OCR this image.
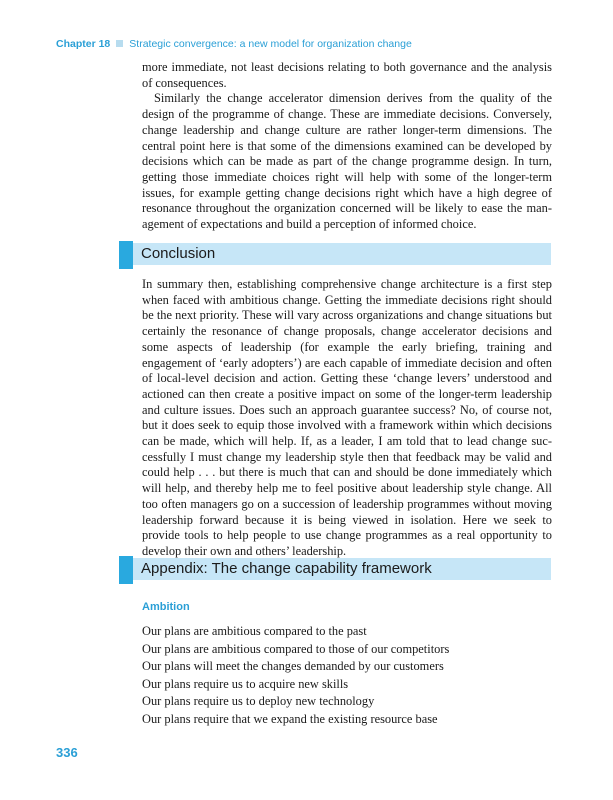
Chapter 18 Strategic convergence: a new model for organization change

more immediate, not least decisions relating to both governance and the analysis of consequences.

Similarly the change accelerator dimension derives from the quality of the design of the programme of change. These are immediate decisions. Conversely, change leadership and change culture are rather longer-term dimensions. The central point here is that some of the dimensions examined can be developed by decisions which can be made as part of the change programme design. In turn, getting those immediate choices right will help with some of the longer-term issues, for example getting change decisions right which have a high degree of resonance throughout the organization concerned will be likely to ease the management of expectations and build a perception of informed choice.

Conclusion

In summary then, establishing comprehensive change architecture is a first step when faced with ambitious change. Getting the immediate decisions right should be the next priority. These will vary across organizations and change situations but certainly the resonance of change proposals, change accelerator decisions and some aspects of leadership (for example the early briefing, training and engagement of ‘early adopters’) are each capable of immediate decision and often of local-level decision and action. Getting these ‘change levers’ understood and actioned can then create a positive impact on some of the longer-term leadership and culture issues. Does such an approach guarantee success? No, of course not, but it does seek to equip those involved with a framework within which decisions can be made, which will help. If, as a leader, I am told that to lead change successfully I must change my leadership style then that feedback may be valid and could help . . . but there is much that can and should be done immediately which will help, and thereby help me to feel positive about leadership style change. All too often managers go on a succession of leadership programmes without moving leadership forward because it is being viewed in isolation. Here we seek to provide tools to help people to use change programmes as a real opportunity to develop their own and others’ leadership.

Appendix: The change capability framework
Ambition
Our plans are ambitious compared to the past
Our plans are ambitious compared to those of our competitors
Our plans will meet the changes demanded by our customers
Our plans require us to acquire new skills
Our plans require us to deploy new technology
Our plans require that we expand the existing resource base
336
